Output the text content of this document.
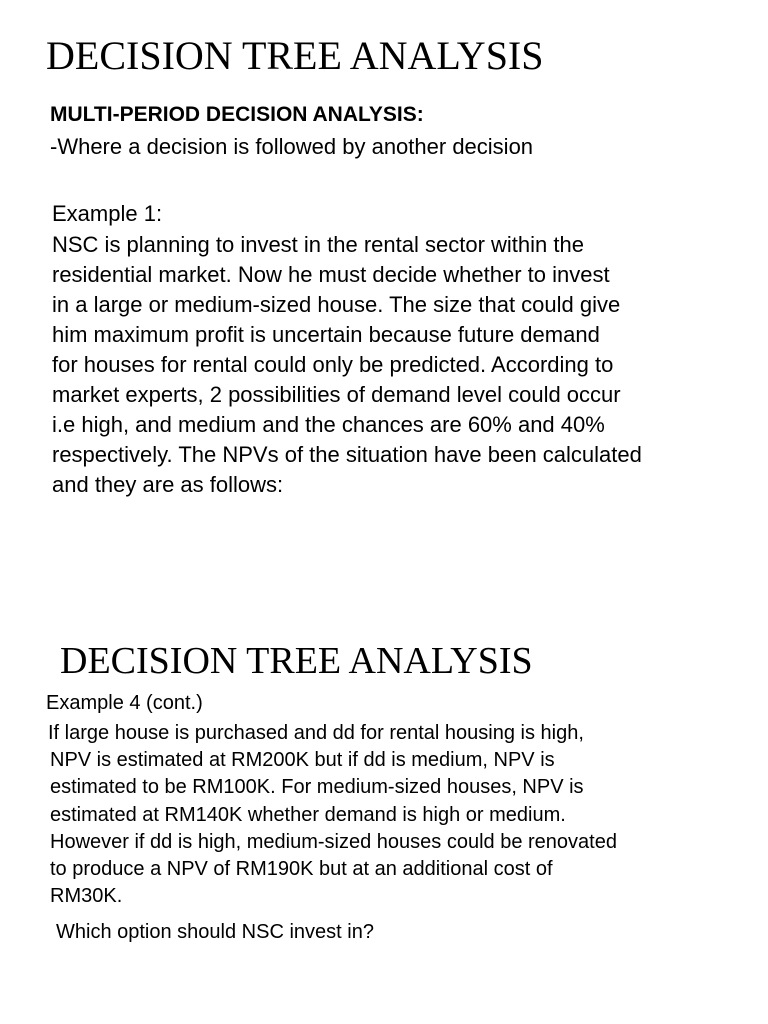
DECISION TREE ANALYSIS
MULTI-PERIOD DECISION ANALYSIS:
-Where a decision is followed by another decision
Example 1:
NSC is planning to invest in the rental sector within the
residential market. Now he must decide whether to invest
in a large or medium-sized house. The size that could give
him maximum profit is uncertain because future demand
for houses for rental could only be predicted. According to
market experts, 2 possibilities of demand level could occur
i.e high, and medium and the chances are 60% and 40%
respectively. The NPVs of the situation have been calculated
and they are as follows:
DECISION TREE ANALYSIS
Example 4 (cont.)
If large house is purchased and dd for rental housing is high,
NPV is estimated at RM200K but if dd is medium, NPV is
estimated to be RM100K. For medium-sized houses, NPV is
estimated at RM140K whether demand is high or medium.
However if dd is high, medium-sized houses could be renovated
to produce a NPV of RM190K but at an additional cost of
RM30K.
Which option should NSC invest in?
